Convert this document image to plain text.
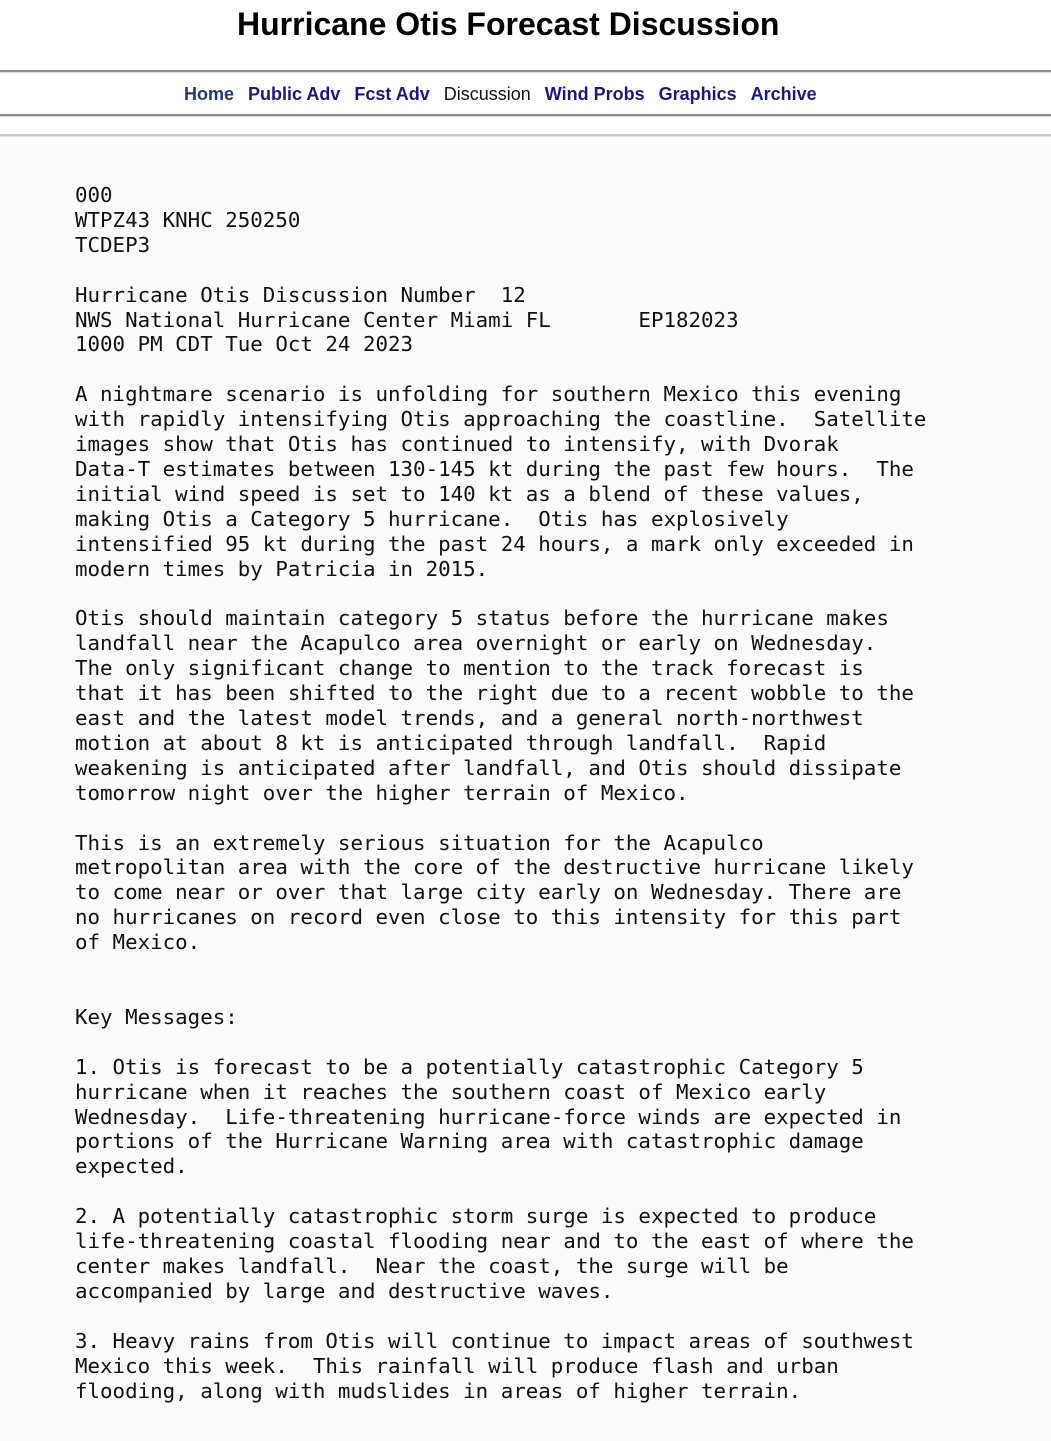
Hurricane Otis Forecast Discussion
Home Public Adv Fcst Adv Discussion Wind Probs Graphics Archive
000
WTPZ43 KNHC 250250
TCDEP3

Hurricane Otis Discussion Number  12
NWS National Hurricane Center Miami FL       EP182023
1000 PM CDT Tue Oct 24 2023

A nightmare scenario is unfolding for southern Mexico this evening
with rapidly intensifying Otis approaching the coastline.  Satellite
images show that Otis has continued to intensify, with Dvorak
Data-T estimates between 130-145 kt during the past few hours.  The
initial wind speed is set to 140 kt as a blend of these values,
making Otis a Category 5 hurricane.  Otis has explosively
intensified 95 kt during the past 24 hours, a mark only exceeded in
modern times by Patricia in 2015.

Otis should maintain category 5 status before the hurricane makes
landfall near the Acapulco area overnight or early on Wednesday.
The only significant change to mention to the track forecast is
that it has been shifted to the right due to a recent wobble to the
east and the latest model trends, and a general north-northwest
motion at about 8 kt is anticipated through landfall.  Rapid
weakening is anticipated after landfall, and Otis should dissipate
tomorrow night over the higher terrain of Mexico.

This is an extremely serious situation for the Acapulco
metropolitan area with the core of the destructive hurricane likely
to come near or over that large city early on Wednesday. There are
no hurricanes on record even close to this intensity for this part
of Mexico.

Key Messages:

1. Otis is forecast to be a potentially catastrophic Category 5
hurricane when it reaches the southern coast of Mexico early
Wednesday.  Life-threatening hurricane-force winds are expected in
portions of the Hurricane Warning area with catastrophic damage
expected.

2. A potentially catastrophic storm surge is expected to produce
life-threatening coastal flooding near and to the east of where the
center makes landfall.  Near the coast, the surge will be
accompanied by large and destructive waves.

3. Heavy rains from Otis will continue to impact areas of southwest
Mexico this week.  This rainfall will produce flash and urban
flooding, along with mudslides in areas of higher terrain.
